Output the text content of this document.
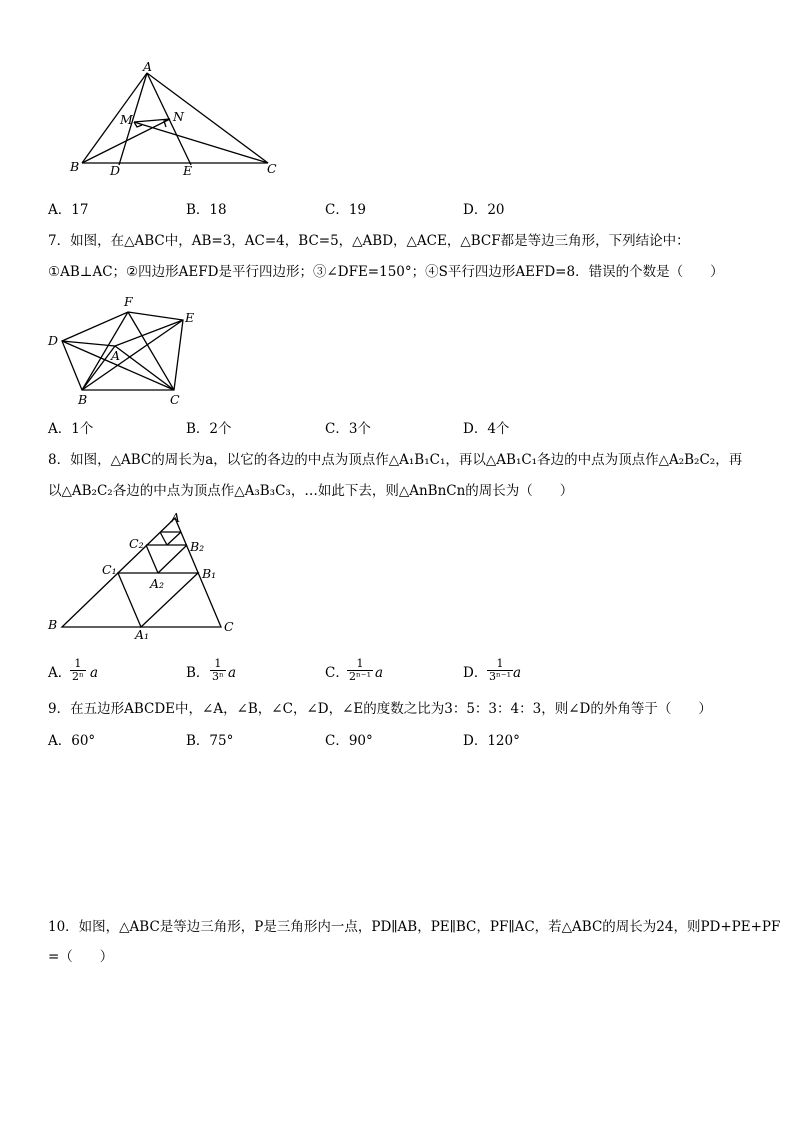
A
M	N
B D	E	C
A．17	B．18	C．19	D．20
7．如图，在△ABC中，AB=3，AC=4，BC=5，△ABD，△ACE，△BCF都是等边三角形，下列结论中：
①AB⊥AC；②四边形AEFD是平行四边形；③∠DFE=150°；④S平行四边形AEFD=8．错误的个数是（　　）
F
E
D
A
B	C
A．1个	B．2个	C．3个	D．4个
8．如图，△ABC的周长为a，以它的各边的中点为顶点作△A₁B₁C₁，再以△AB₁C₁各边的中点为顶点作△A₂B₂C₂，再
以△AB₂C₂各边的中点为顶点作△A₃B₃C₃，…如此下去，则△AnBnCn的周长为（　　）
A
C₂	B₂
C₁	B₁
A₂
B
A₁
C
A．
$\frac{1}{\text{2ⁿ}}$ a	B． $\frac{1}{\text{3ⁿ}}$ a	C．
$\frac{1}{\text{2ⁿ⁻¹}}$ a	D． $\frac{1}{\text{3ⁿ⁻¹}}$ a
9．在五边形ABCDE中，∠A，∠B，∠C，∠D，∠E的度数之比为3：5：3：4：3，则∠D的外角等于（　　）
A．60°	B．75°	C．90°	D．120°
10．如图，△ABC是等边三角形，P是三角形内一点，PD∥AB，PE∥BC，PF∥AC，若△ABC的周长为24，则PD+PE+PF
=（　　）
